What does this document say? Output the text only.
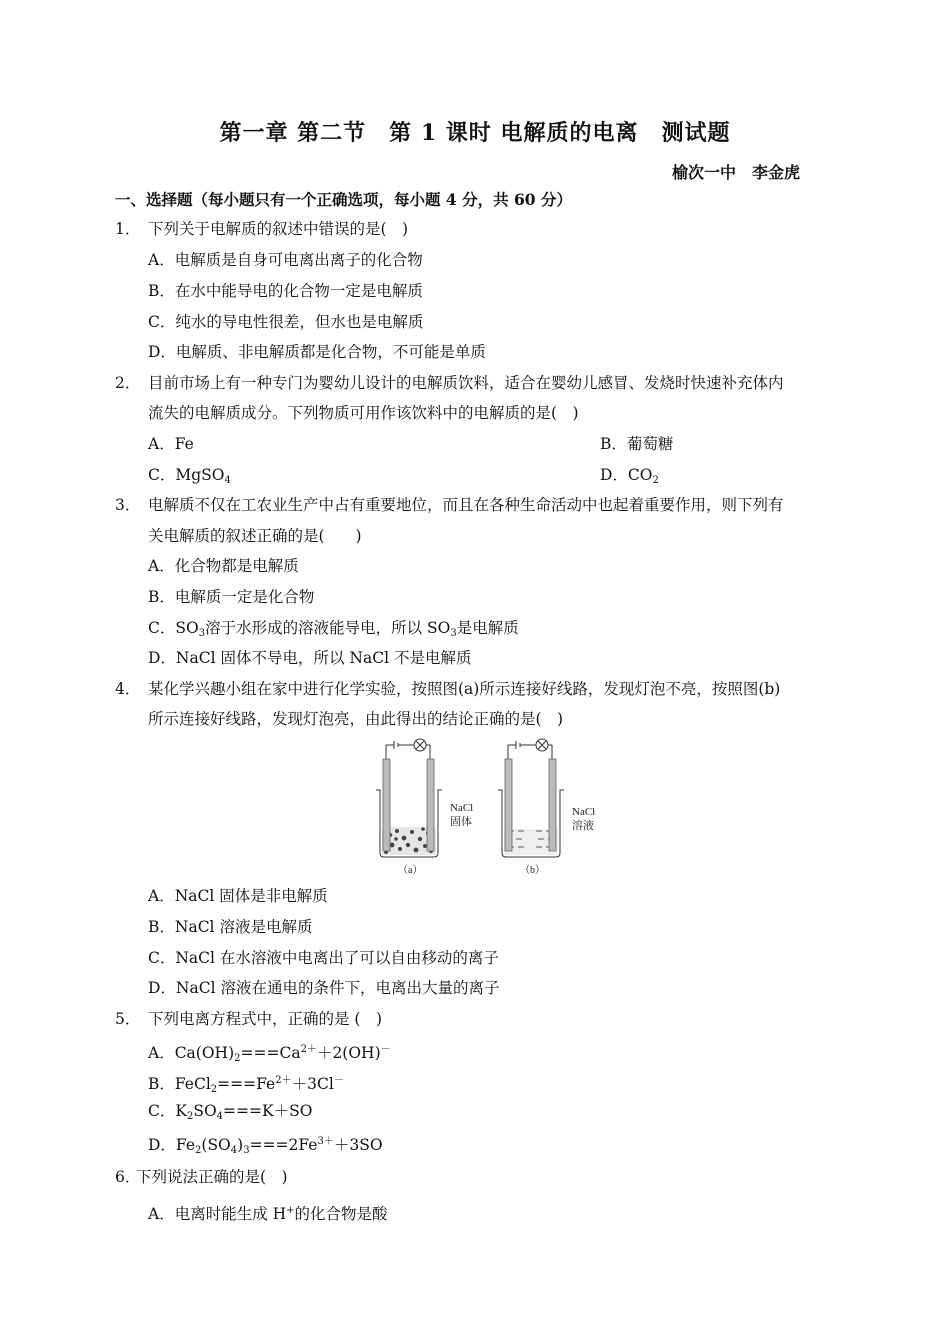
第一章 第二节　第 1 课时 电解质的电离　测试题
榆次一中　李金虎
一、选择题（每小题只有一个正确选项，每小题 4 分，共 60 分）
1． 下列关于电解质的叙述中错误的是(　)
A．电解质是自身可电离出离子的化合物
B．在水中能导电的化合物一定是电解质
C．纯水的导电性很差，但水也是电解质
D．电解质、非电解质都是化合物，不可能是单质
2． 目前市场上有一种专门为婴幼儿设计的电解质饮料，适合在婴幼儿感冒、发烧时快速补充体内
流失的电解质成分。下列物质可用作该饮料中的电解质的是(　)
A．Fe	B．葡萄糖
C．MgSO$_4$	D．$CO_2$
3． 电解质不仅在工农业生产中占有重要地位，而且在各种生命活动中也起着重要作用，则下列有
关电解质的叙述正确的是(　　)
A．化合物都是电解质
B．电解质一定是化合物
C．$SO_3$溶于水形成的溶液能导电，所以 $SO_3$是电解质
D．NaCl 固体不导电，所以 NaCl 不是电解质
4． 某化学兴趣小组在家中进行化学实验，按照图(a)所示连接好线路，发现灯泡不亮，按照图(b)
所示连接好线路，发现灯泡亮，由此得出的结论正确的是(　)
NaCl
固体
NaCl
溶液
（a）	（b）
A．NaCl 固体是非电解质
B．NaCl 溶液是电解质
C．NaCl 在水溶液中电离出了可以自由移动的离子
D．NaCl 溶液在通电的条件下，电离出大量的离子
5． 下列电离方程式中，正确的是 (　)
A．$Ca(OH)_2===Ca^{2+}+2(OH)^-$
B．$FeCl_2===Fe^{2+}+3Cl^-$
C．$K_2SO_4===K+SO$
D．$Fe_2(SO_4)_3===2Fe^{3+}+3SO$
6．
下列说法正确的是(　)
A．电离时能生成 H+的化合物是酸
